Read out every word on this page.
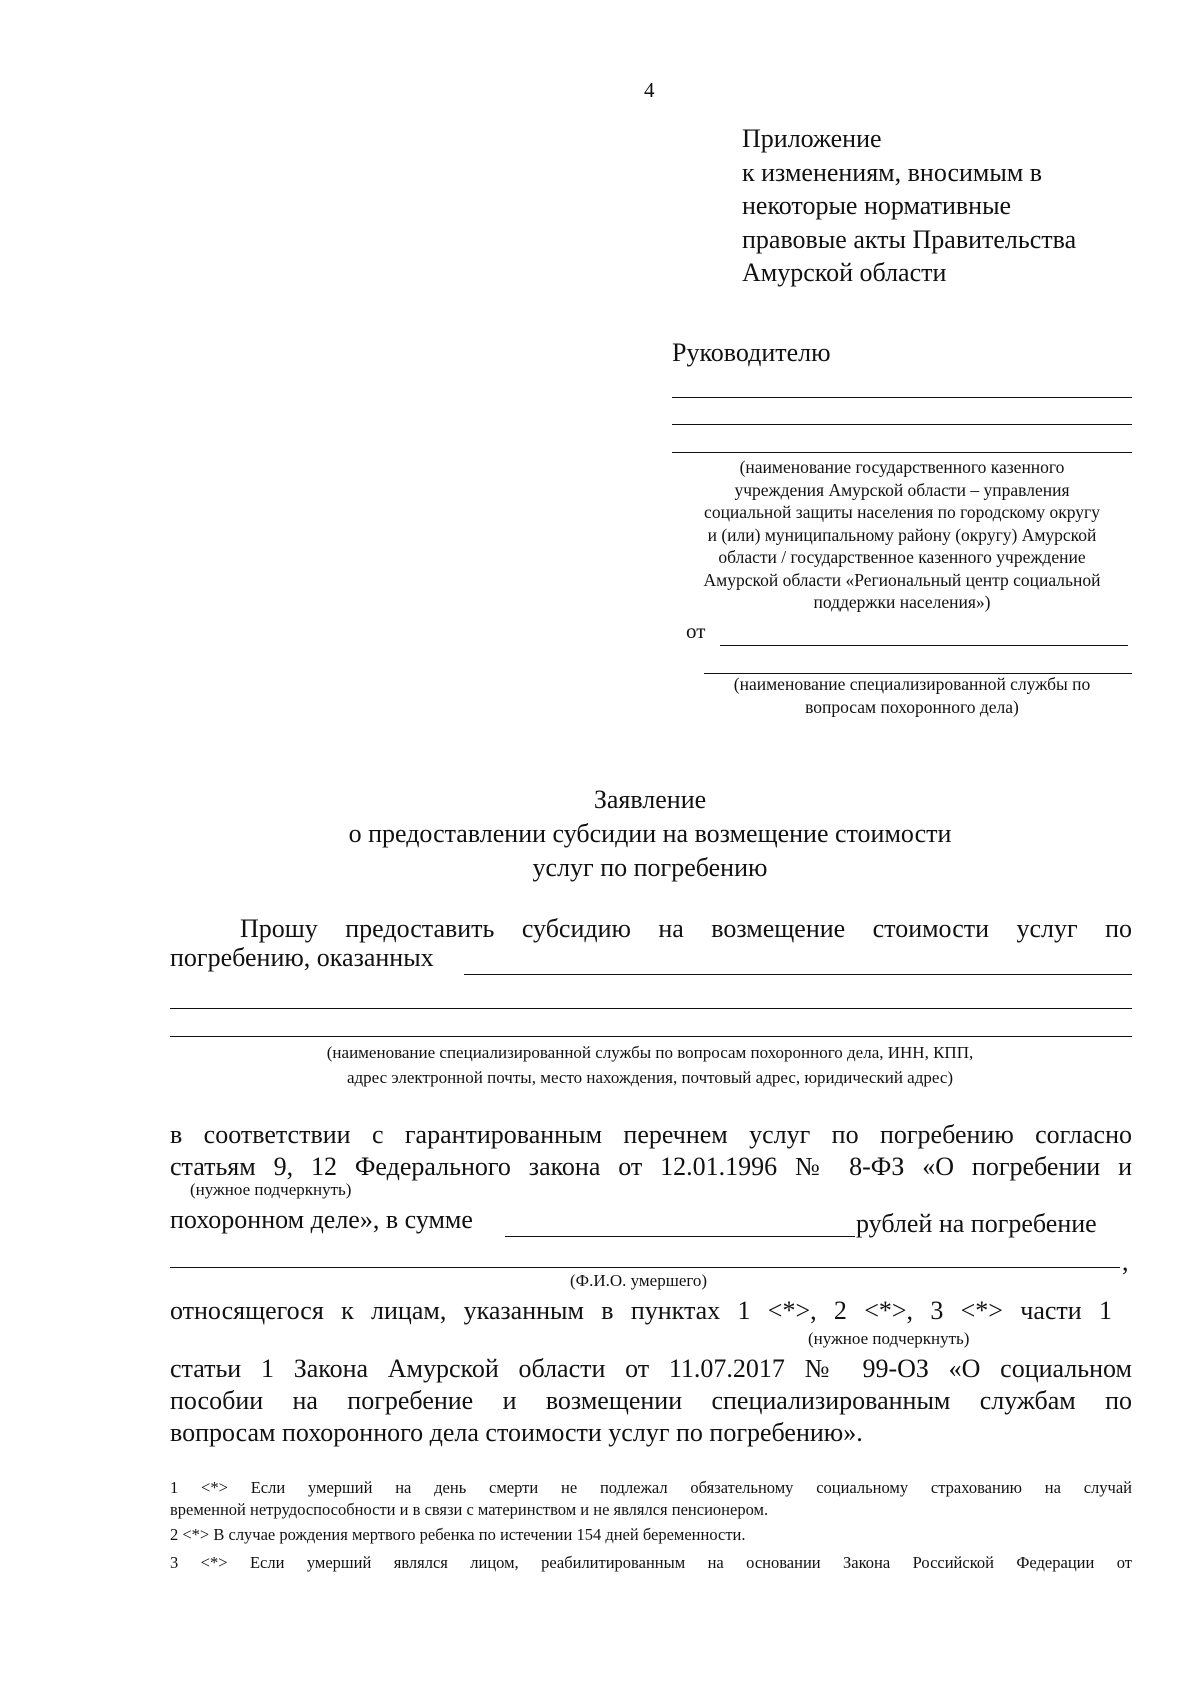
4
Приложение
к изменениям, вносимым в
некоторые нормативные
правовые акты Правительства
Амурской области
Руководителю
(наименование государственного казенного
учреждения Амурской области – управления
социальной защиты населения по городскому округу
и (или) муниципальному району (округу) Амурской
области / государственное казенного учреждение
Амурской области «Региональный центр социальной
поддержки населения»)
от
(наименование специализированной службы по
вопросам похоронного дела)
Заявление
о предоставлении субсидии на возмещение стоимости
услуг по погребению
Прошу предоставить субсидию на возмещение стоимости услуг по
погребению, оказанных
(наименование специализированной службы по вопросам похоронного дела, ИНН, КПП,
адрес электронной почты, место нахождения, почтовый адрес, юридический адрес)
в соответствии с гарантированным перечнем услуг по погребению согласно
статьям 9, 12 Федерального закона от 12.01.1996 № 8-ФЗ «О погребении и
(нужное подчеркнуть)
похоронном деле», в сумме	рублей на погребение
,
(Ф.И.О. умершего)
относящегося к лицам, указанным в пунктах 1 <*>, 2 <*>, 3 <*> части 1
(нужное подчеркнуть)
статьи 1 Закона Амурской области от 11.07.2017 № 99-ОЗ «О социальном
пособии на погребение и возмещении специализированным службам по
вопросам похоронного дела стоимости услуг по погребению».
1 <*> Если умерший на день смерти не подлежал обязательному социальному страхованию на случай
временной нетрудоспособности и в связи с материнством и не являлся пенсионером.
2 <*> В случае рождения мертвого ребенка по истечении 154 дней беременности.
3 <*> Если умерший являлся лицом, реабилитированным на основании Закона Российской Федерации от
